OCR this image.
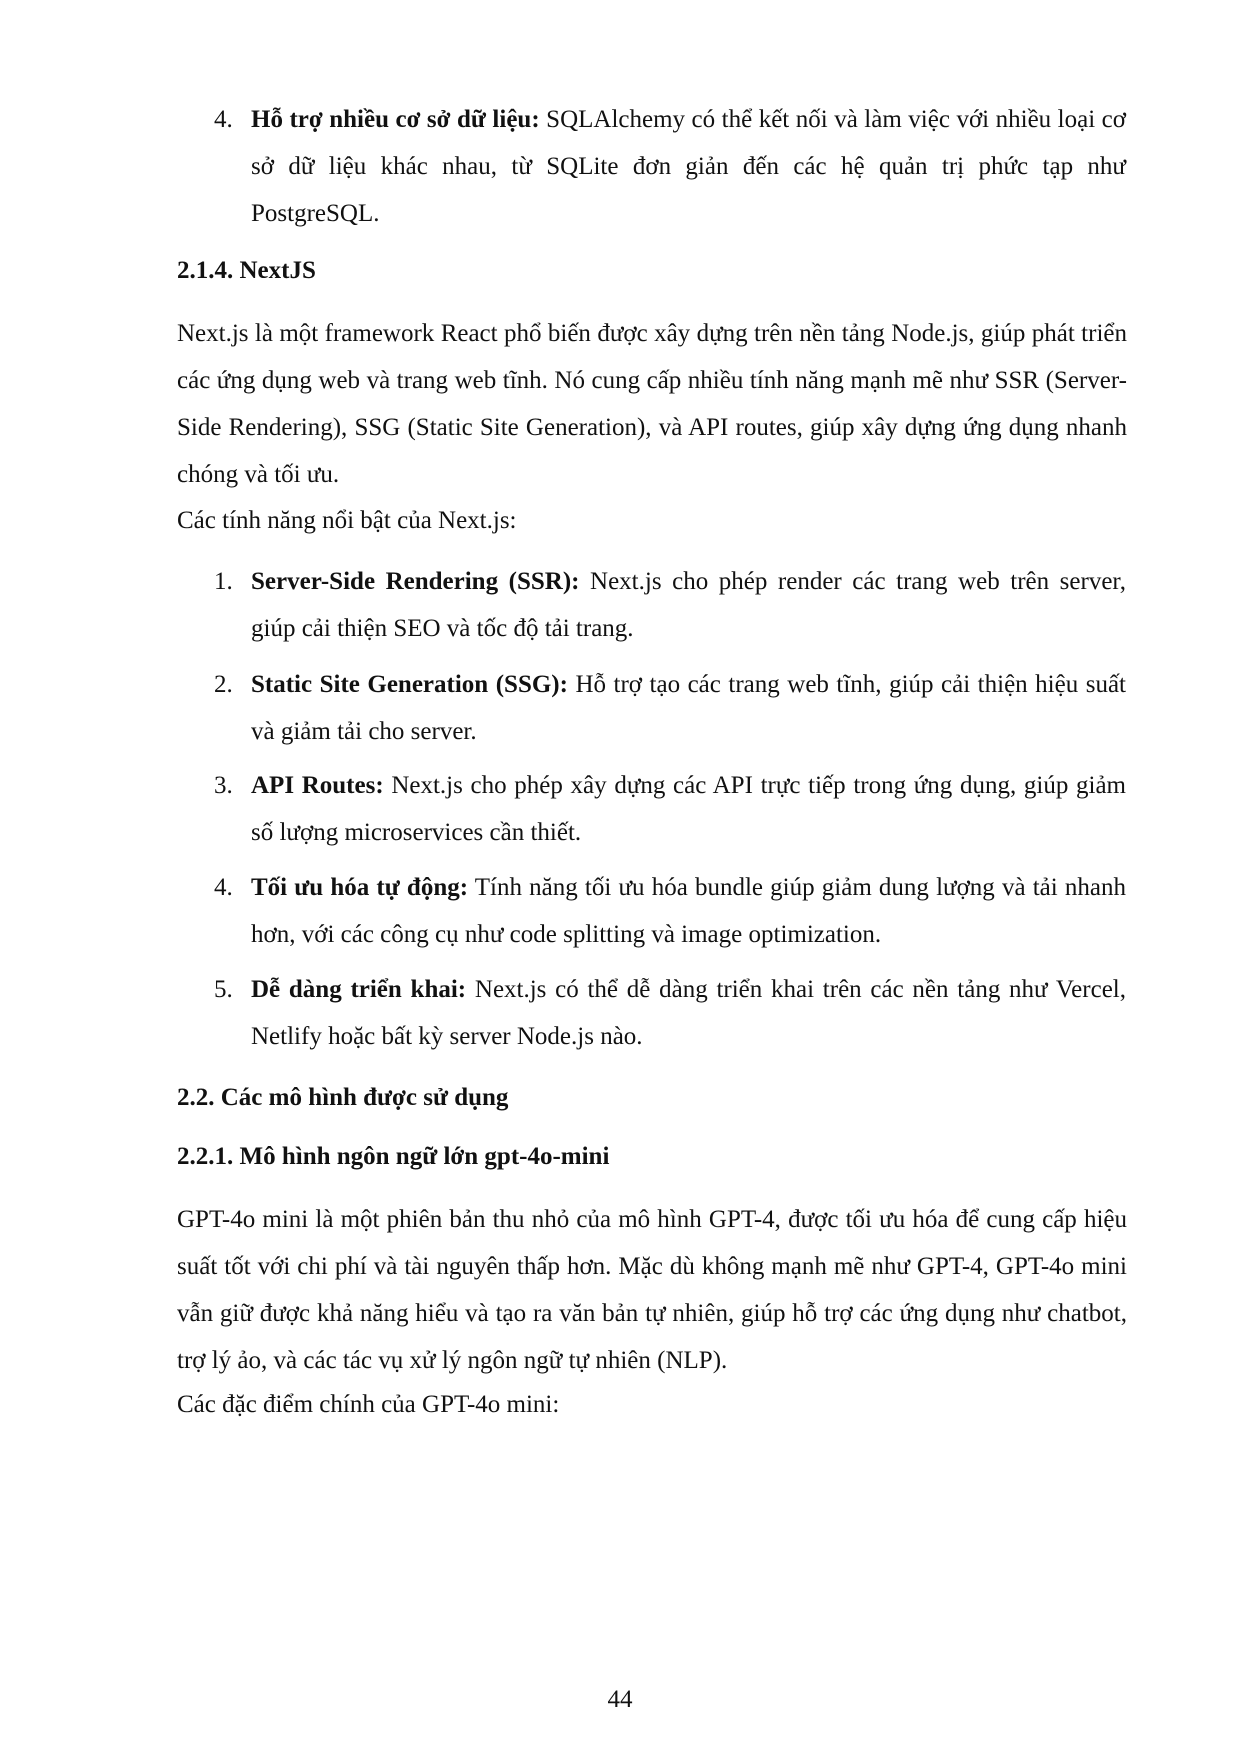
4. Hỗ trợ nhiều cơ sở dữ liệu: SQLAlchemy có thể kết nối và làm việc với nhiều loại cơ sở dữ liệu khác nhau, từ SQLite đơn giản đến các hệ quản trị phức tạp như PostgreSQL.

2.1.4. NextJS

Next.js là một framework React phổ biến được xây dựng trên nền tảng Node.js, giúp phát triển các ứng dụng web và trang web tĩnh. Nó cung cấp nhiều tính năng mạnh mẽ như SSR (Server-Side Rendering), SSG (Static Site Generation), và API routes, giúp xây dựng ứng dụng nhanh chóng và tối ưu.

Các tính năng nổi bật của Next.js:

1. Server-Side Rendering (SSR): Next.js cho phép render các trang web trên server, giúp cải thiện SEO và tốc độ tải trang.

2. Static Site Generation (SSG): Hỗ trợ tạo các trang web tĩnh, giúp cải thiện hiệu suất và giảm tải cho server.

3. API Routes: Next.js cho phép xây dựng các API trực tiếp trong ứng dụng, giúp giảm số lượng microservices cần thiết.

4. Tối ưu hóa tự động: Tính năng tối ưu hóa bundle giúp giảm dung lượng và tải nhanh hơn, với các công cụ như code splitting và image optimization.

5. Dễ dàng triển khai: Next.js có thể dễ dàng triển khai trên các nền tảng như Vercel, Netlify hoặc bất kỳ server Node.js nào.

2.2. Các mô hình được sử dụng
2.2.1. Mô hình ngôn ngữ lớn gpt-4o-mini

GPT-4o mini là một phiên bản thu nhỏ của mô hình GPT-4, được tối ưu hóa để cung cấp hiệu suất tốt với chi phí và tài nguyên thấp hơn. Mặc dù không mạnh mẽ như GPT-4, GPT-4o mini vẫn giữ được khả năng hiểu và tạo ra văn bản tự nhiên, giúp hỗ trợ các ứng dụng như chatbot, trợ lý ảo, và các tác vụ xử lý ngôn ngữ tự nhiên (NLP).

Các đặc điểm chính của GPT-4o mini:

44
